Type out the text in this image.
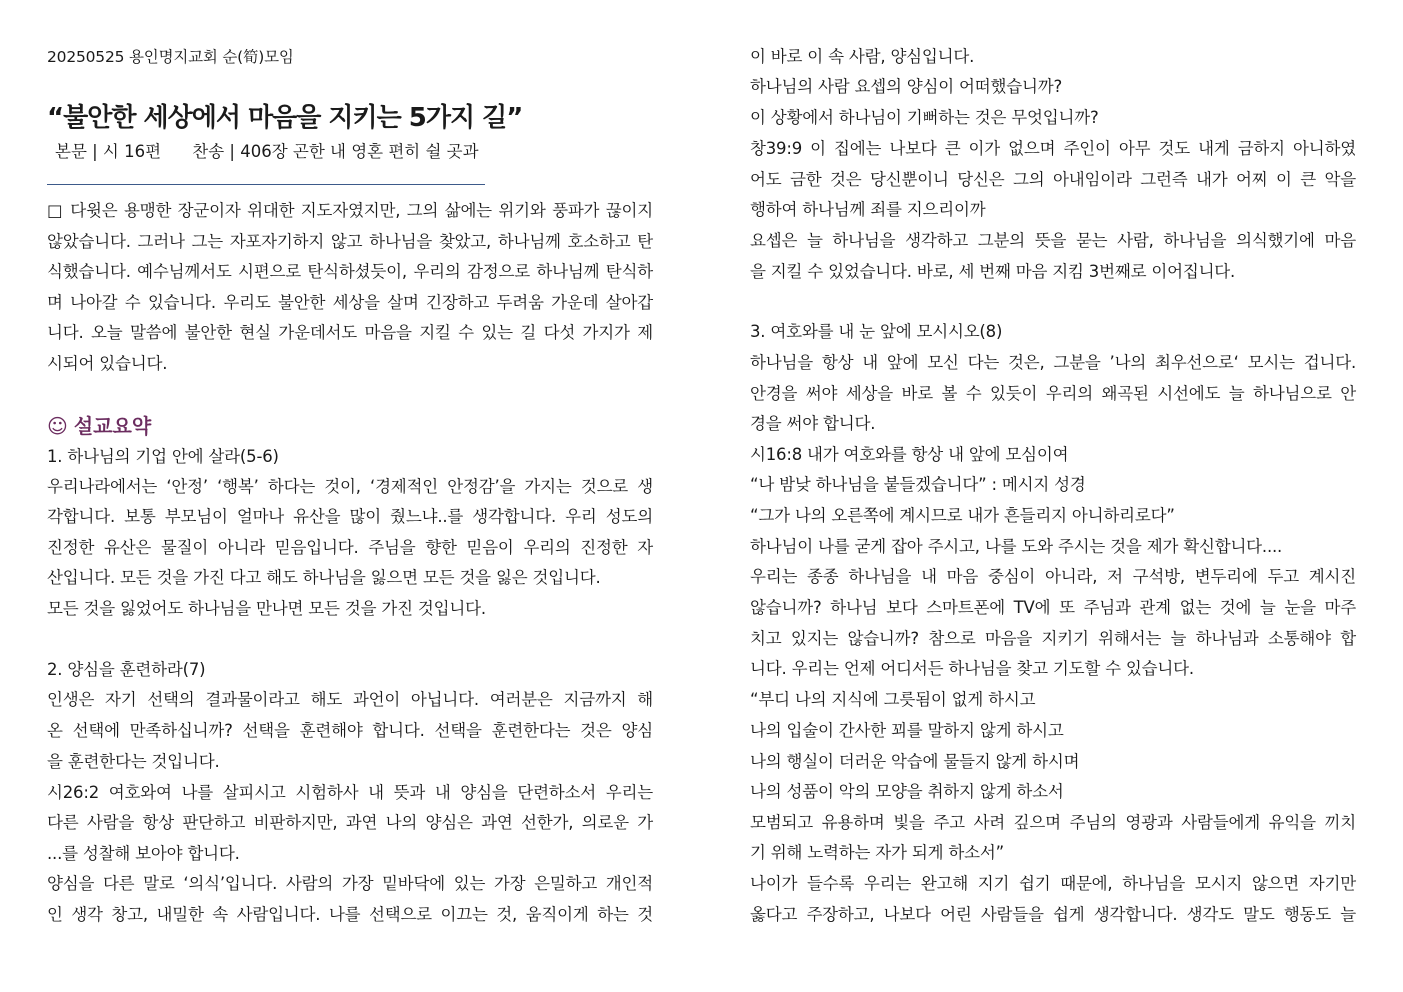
20250525 용인명지교회 순(筍)모임
“불안한 세상에서 마음을 지키는 5가지 길”
본문 | 시 16편 찬송 | 406장 곤한 내 영혼 편히 쉴 곳과
☺ 설교요약
□ 다윗은 용맹한 장군이자 위대한 지도자였지만, 그의 삶에는 위기와 풍파가 끊이지
않았습니다. 그러나 그는 자포자기하지 않고 하나님을 찾았고, 하나님께 호소하고 탄
식했습니다. 예수님께서도 시편으로 탄식하셨듯이, 우리의 감정으로 하나님께 탄식하
며 나아갈 수 있습니다. 우리도 불안한 세상을 살며 긴장하고 두려움 가운데 살아갑
니다. 오늘 말씀에 불안한 현실 가운데서도 마음을 지킬 수 있는 길 다섯 가지가 제
시되어 있습니다.
1. 하나님의 기업 안에 살라(5-6)
우리나라에서는 ‘안정’ ‘행복’ 하다는 것이, ‘경제적인 안정감’을 가지는 것으로 생
각합니다. 보통 부모님이 얼마나 유산을 많이 줬느냐..를 생각합니다. 우리 성도의
진정한 유산은 물질이 아니라 믿음입니다. 주님을 향한 믿음이 우리의 진정한 자
산입니다. 모든 것을 가진 다고 해도 하나님을 잃으면 모든 것을 잃은 것입니다.
모든 것을 잃었어도 하나님을 만나면 모든 것을 가진 것입니다.
2. 양심을 훈련하라(7)
인생은 자기 선택의 결과물이라고 해도 과언이 아닙니다. 여러분은 지금까지 해
온 선택에 만족하십니까? 선택을 훈련해야 합니다. 선택을 훈련한다는 것은 양심
을 훈련한다는 것입니다.
시26:2 여호와여 나를 살피시고 시험하사 내 뜻과 내 양심을 단련하소서 우리는
다른 사람을 항상 판단하고 비판하지만, 과연 나의 양심은 과연 선한가, 의로운 가
...를 성찰해 보아야 합니다.
양심을 다른 말로 ‘의식’입니다. 사람의 가장 밑바닥에 있는 가장 은밀하고 개인적
인 생각 창고, 내밀한 속 사람입니다. 나를 선택으로 이끄는 것, 움직이게 하는 것
이 바로 이 속 사람, 양심입니다.
하나님의 사람 요셉의 양심이 어떠했습니까?
이 상황에서 하나님이 기뻐하는 것은 무엇입니까?
창39:9 이 집에는 나보다 큰 이가 없으며 주인이 아무 것도 내게 금하지 아니하였
어도 금한 것은 당신뿐이니 당신은 그의 아내임이라 그런즉 내가 어찌 이 큰 악을
행하여 하나님께 죄를 지으리이까
요셉은 늘 하나님을 생각하고 그분의 뜻을 묻는 사람, 하나님을 의식했기에 마음
을 지킬 수 있었습니다. 바로, 세 번째 마음 지킴 3번째로 이어집니다.
3. 여호와를 내 눈 앞에 모시시오(8)
하나님을 항상 내 앞에 모신 다는 것은, 그분을 ’나의 최우선으로‘ 모시는 겁니다.
안경을 써야 세상을 바로 볼 수 있듯이 우리의 왜곡된 시선에도 늘 하나님으로 안
경을 써야 합니다.
시16:8 내가 여호와를 항상 내 앞에 모심이여
“나 밤낮 하나님을 붙들겠습니다” : 메시지 성경
“그가 나의 오른쪽에 계시므로 내가 흔들리지 아니하리로다”
하나님이 나를 굳게 잡아 주시고, 나를 도와 주시는 것을 제가 확신합니다....
우리는 종종 하나님을 내 마음 중심이 아니라, 저 구석방, 변두리에 두고 계시진
않습니까? 하나님 보다 스마트폰에 TV에 또 주님과 관계 없는 것에 늘 눈을 마주
치고 있지는 않습니까? 참으로 마음을 지키기 위해서는 늘 하나님과 소통해야 합
니다. 우리는 언제 어디서든 하나님을 찾고 기도할 수 있습니다.
“부디 나의 지식에 그릇됨이 없게 하시고
나의 입술이 간사한 꾀를 말하지 않게 하시고
나의 행실이 더러운 악습에 물들지 않게 하시며
나의 성품이 악의 모양을 취하지 않게 하소서
모범되고 유용하며 빛을 주고 사려 깊으며 주님의 영광과 사람들에게 유익을 끼치
기 위해 노력하는 자가 되게 하소서”
나이가 들수록 우리는 완고해 지기 쉽기 때문에, 하나님을 모시지 않으면 자기만
옳다고 주장하고, 나보다 어린 사람들을 쉽게 생각합니다. 생각도 말도 행동도 늘
